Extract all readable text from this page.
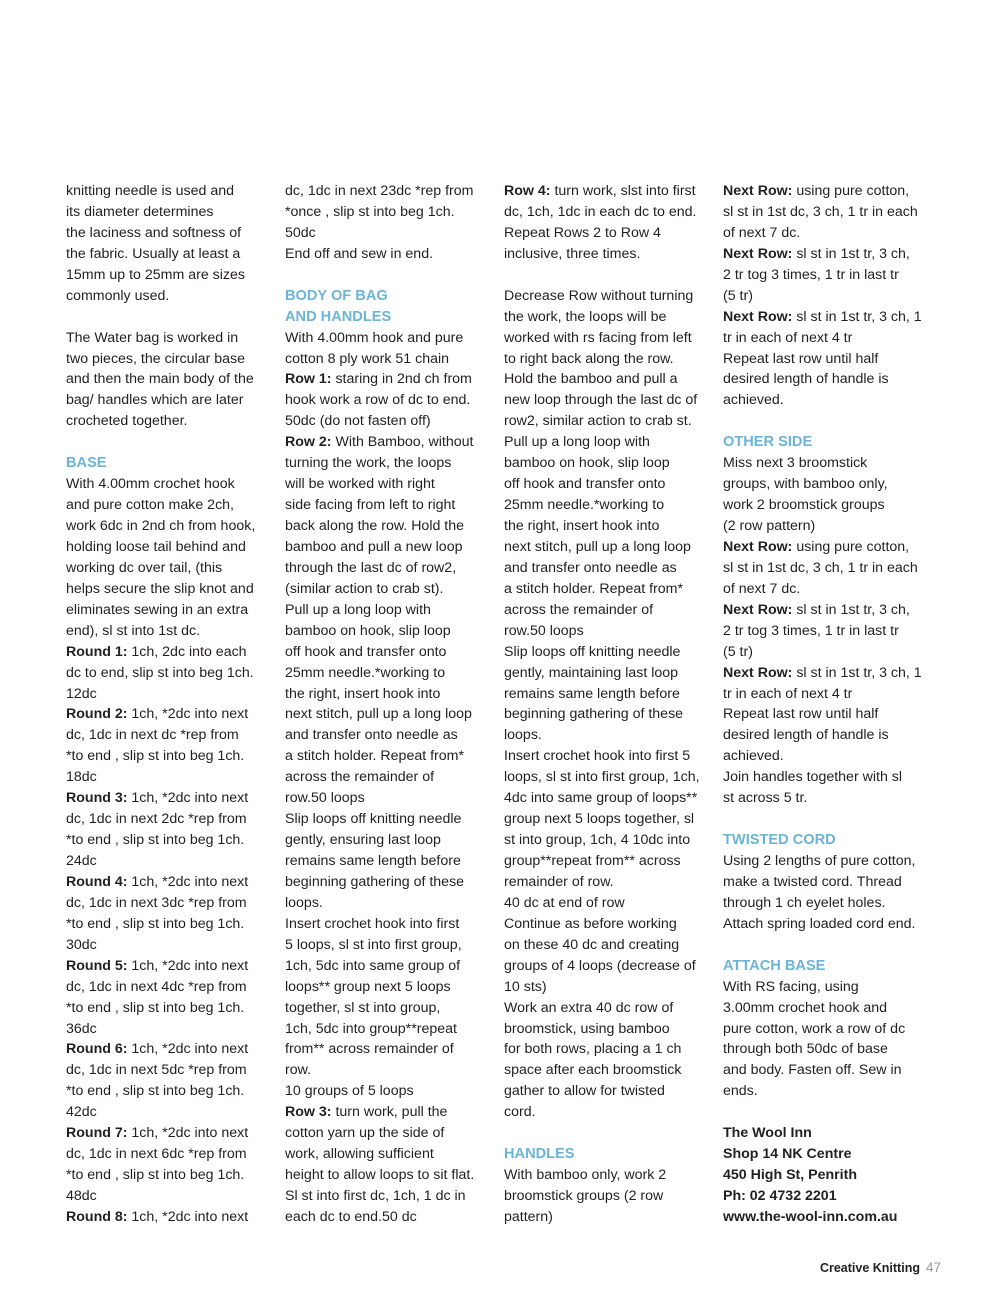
knitting needle is used and
its diameter determines
the laciness and softness of
the fabric. Usually at least a
15mm up to 25mm are sizes
commonly used.
The Water bag is worked in
two pieces, the circular base
and then the main body of the
bag/ handles which are later
crocheted together.
BASE
With 4.00mm crochet hook
and pure cotton make 2ch,
work 6dc in 2nd ch from hook,
holding loose tail behind and
working dc over tail, (this
helps secure the slip knot and
eliminates sewing in an extra
end), sl st into 1st dc.
Round 1: 1ch, 2dc into each
dc to end, slip st into beg 1ch.
12dc
Round 2: 1ch, *2dc into next
dc, 1dc in next dc *rep from
*to end , slip st into beg 1ch.
18dc
Round 3: 1ch, *2dc into next
dc, 1dc in next 2dc *rep from
*to end , slip st into beg 1ch.
24dc
Round 4: 1ch, *2dc into next
dc, 1dc in next 3dc *rep from
*to end , slip st into beg 1ch.
30dc
Round 5: 1ch, *2dc into next
dc, 1dc in next 4dc *rep from
*to end , slip st into beg 1ch.
36dc
Round 6: 1ch, *2dc into next
dc, 1dc in next 5dc *rep from
*to end , slip st into beg 1ch.
42dc
Round 7: 1ch, *2dc into next
dc, 1dc in next 6dc *rep from
*to end , slip st into beg 1ch.
48dc
Round 8: 1ch, *2dc into next
dc, 1dc in next 23dc *rep from
*once , slip st into beg 1ch.
50dc
End off and sew in end.
BODY OF BAG
AND HANDLES
With 4.00mm hook and pure
cotton 8 ply work 51 chain
Row 1: staring in 2nd ch from
hook work a row of dc to end.
50dc (do not fasten off)
Row 2: With Bamboo, without
turning the work, the loops
will be worked with right
side facing from left to right
back along the row. Hold the
bamboo and pull a new loop
through the last dc of row2,
(similar action to crab st).
Pull up a long loop with
bamboo on hook, slip loop
off hook and transfer onto
25mm needle.*working to
the right, insert hook into
next stitch, pull up a long loop
and transfer onto needle as
a stitch holder. Repeat from*
across the remainder of
row.50 loops
Slip loops off knitting needle
gently, ensuring last loop
remains same length before
beginning gathering of these
loops.
Insert crochet hook into first
5 loops, sl st into first group,
1ch, 5dc into same group of
loops** group next 5 loops
together, sl st into group,
1ch, 5dc into group**repeat
from** across remainder of
row.
10 groups of 5 loops
Row 3: turn work, pull the
cotton yarn up the side of
work, allowing sufficient
height to allow loops to sit flat.
Sl st into first dc, 1ch, 1 dc in
each dc to end.50 dc
Row 4: turn work, slst into first
dc, 1ch, 1dc in each dc to end.
Repeat Rows 2 to Row 4
inclusive, three times.
Decrease Row without turning
the work, the loops will be
worked with rs facing from left
to right back along the row.
Hold the bamboo and pull a
new loop through the last dc of
row2, similar action to crab st.
Pull up a long loop with
bamboo on hook, slip loop
off hook and transfer onto
25mm needle.*working to
the right, insert hook into
next stitch, pull up a long loop
and transfer onto needle as
a stitch holder. Repeat from*
across the remainder of
row.50 loops
Slip loops off knitting needle
gently, maintaining last loop
remains same length before
beginning gathering of these
loops.
Insert crochet hook into first 5
loops, sl st into first group, 1ch,
4dc into same group of loops**
group next 5 loops together, sl
st into group, 1ch, 4 10dc into
group**repeat from** across
remainder of row.
40 dc at end of row
Continue as before working
on these 40 dc and creating
groups of 4 loops (decrease of
10 sts)
Work an extra 40 dc row of
broomstick, using bamboo
for both rows, placing a 1 ch
space after each broomstick
gather to allow for twisted
cord.
HANDLES
With bamboo only, work 2
broomstick groups (2 row
pattern)
Next Row: using pure cotton,
sl st in 1st dc, 3 ch, 1 tr in each
of next 7 dc.
Next Row: sl st in 1st tr, 3 ch,
2 tr tog 3 times, 1 tr in last tr
(5 tr)
Next Row: sl st in 1st tr, 3 ch, 1
tr in each of next 4 tr
Repeat last row until half
desired length of handle is
achieved.
OTHER SIDE
Miss next 3 broomstick
groups, with bamboo only,
work 2 broomstick groups
(2 row pattern)
Next Row: using pure cotton,
sl st in 1st dc, 3 ch, 1 tr in each
of next 7 dc.
Next Row: sl st in 1st tr, 3 ch,
2 tr tog 3 times, 1 tr in last tr
(5 tr)
Next Row: sl st in 1st tr, 3 ch, 1
tr in each of next 4 tr
Repeat last row until half
desired length of handle is
achieved.
Join handles together with sl
st across 5 tr.
TWISTED CORD
Using 2 lengths of pure cotton,
make a twisted cord. Thread
through 1 ch eyelet holes.
Attach spring loaded cord end.
ATTACH BASE
With RS facing, using
3.00mm crochet hook and
pure cotton, work a row of dc
through both 50dc of base
and body. Fasten off. Sew in
ends.
The Wool Inn
Shop 14 NK Centre
450 High St, Penrith
Ph: 02 4732 2201
www.the-wool-inn.com.au
Creative Knitting 47
